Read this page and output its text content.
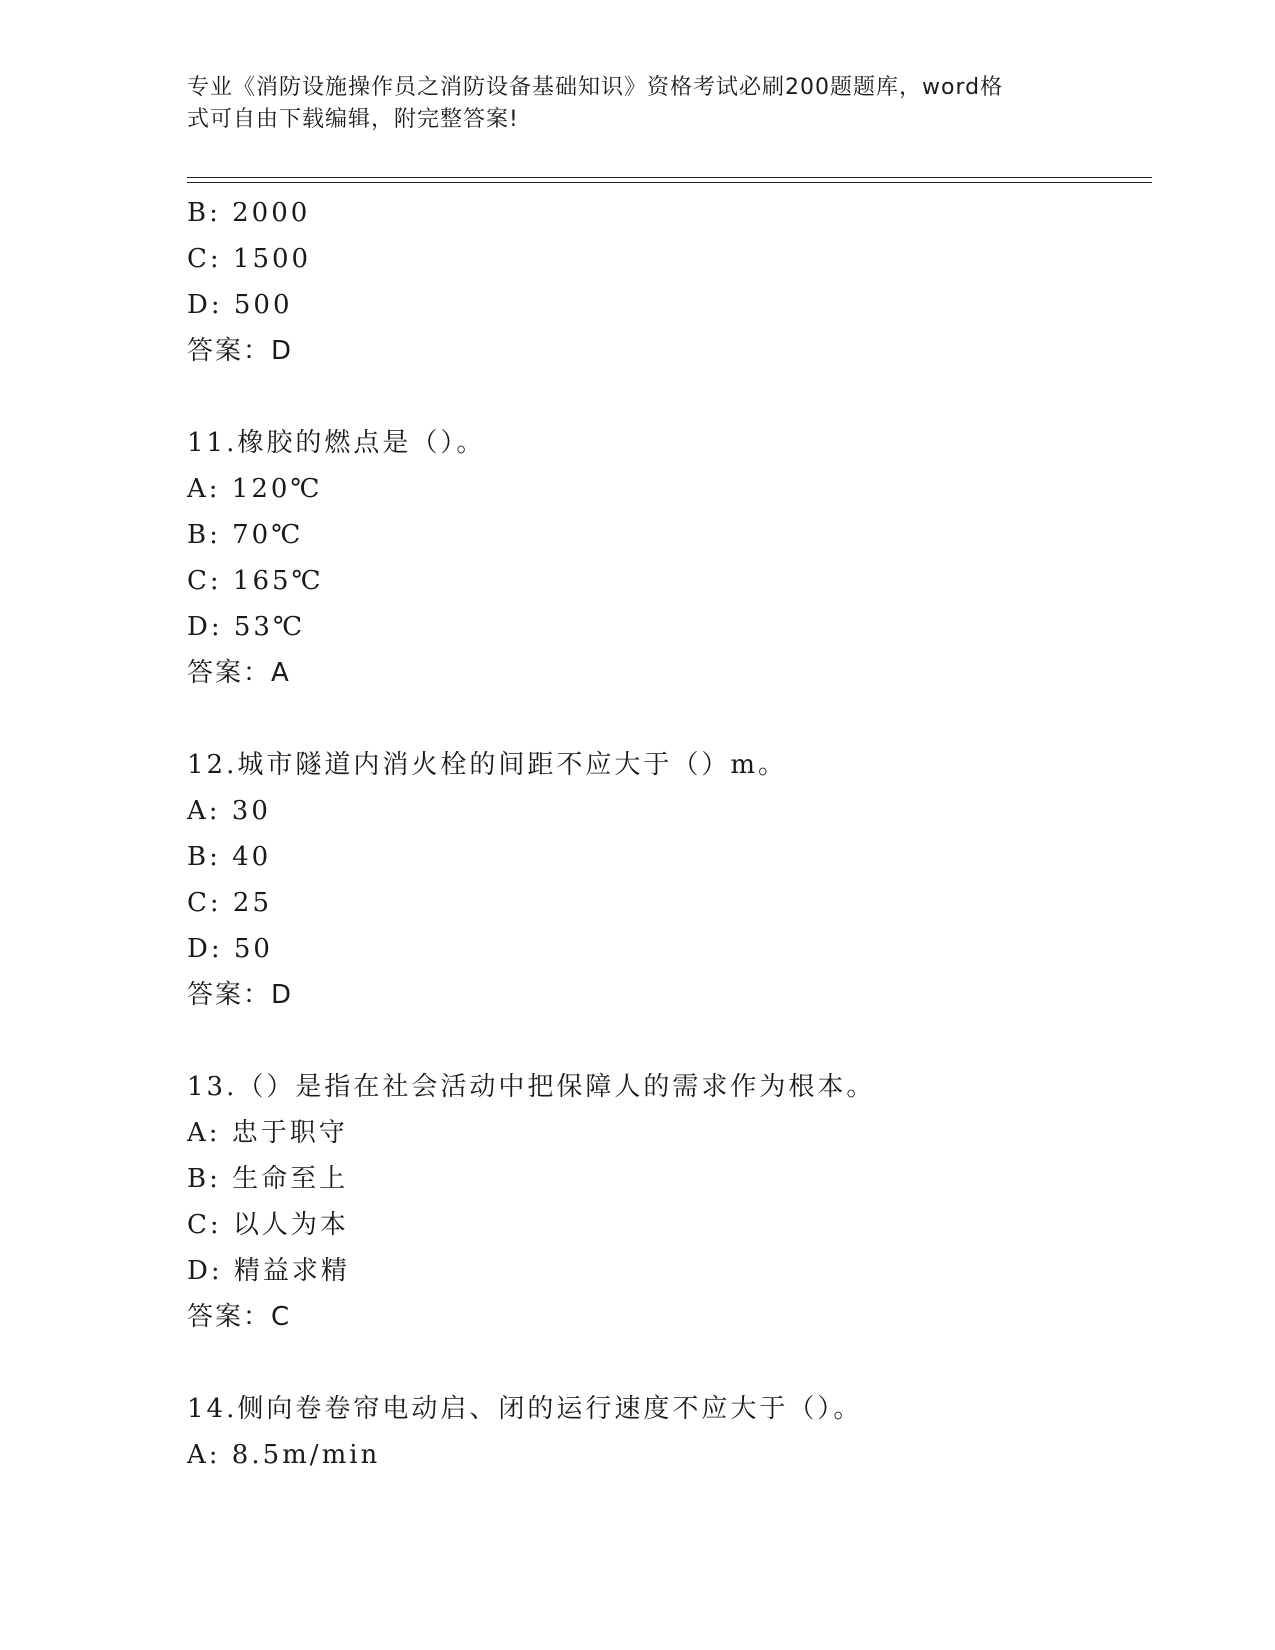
专业《消防设施操作员之消防设备基础知识》资格考试必刷200题题库，word格
式可自由下载编辑，附完整答案!
B: 2000
C: 1500
D: 500
答案：D
11.橡胶的燃点是（）。
A: 120℃
B: 70℃
C: 165℃
D: 53℃
答案：A
12.城市隧道内消火栓的间距不应大于（）m。
A: 30
B: 40
C: 25
D: 50
答案：D
13.（）是指在社会活动中把保障人的需求作为根本。
A: 忠于职守
B: 生命至上
C: 以人为本
D: 精益求精
答案：C
14.侧向卷卷帘电动启、闭的运行速度不应大于（）。
A: 8.5m/min
